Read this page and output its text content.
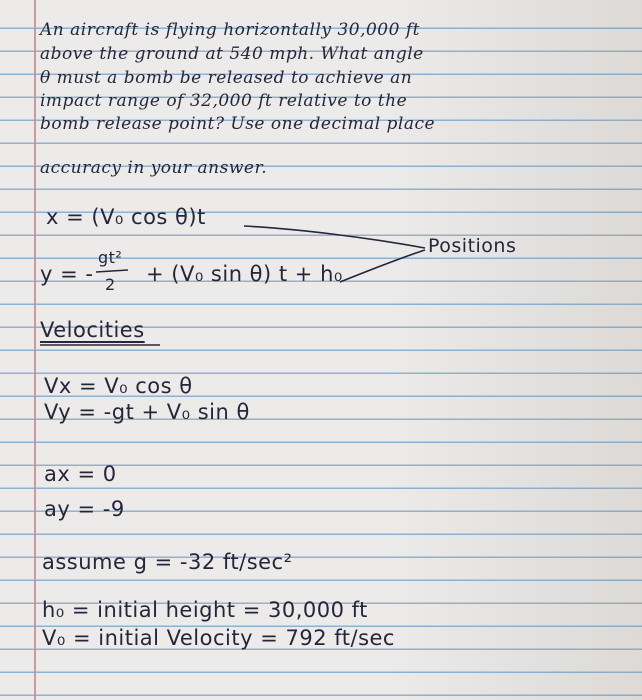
An aircraft is flying horizontally 30,000 ft
above the ground at 540 mph. What angle
θ must a bomb be released to achieve an
impact range of 32,000 ft relative to the
bomb release point? Use one decimal place
accuracy in your answer.
x = (V₀ cos θ)t
y = -
gt²
2 + (V₀ sin θ) t + h₀
Positions
Velocities
Vx = V₀ cos θ
Vy = -gt + V₀ sin θ
ax = 0
ay = -9
assume g = -32 ft/sec²
h₀ = initial height = 30,000 ft
V₀ = initial Velocity = 792 ft/sec
